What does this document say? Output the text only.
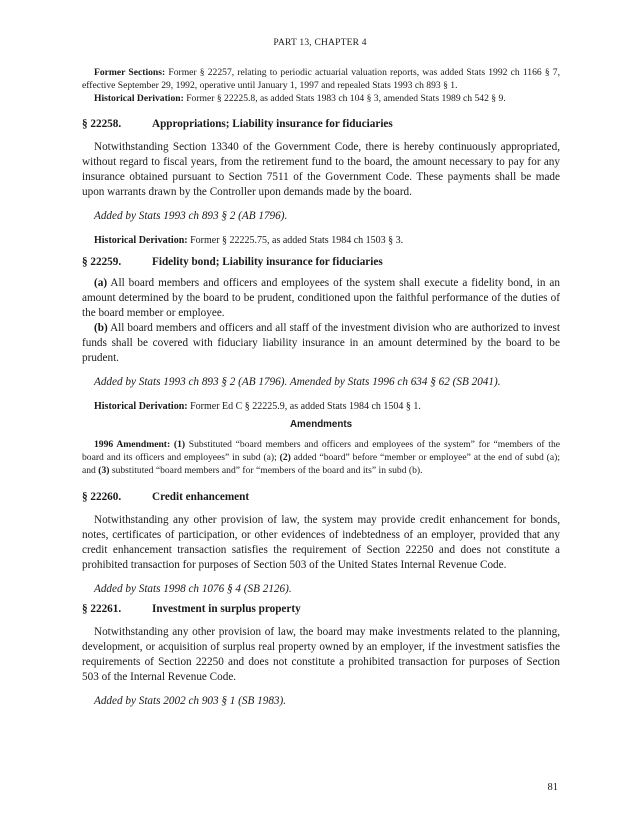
PART 13, CHAPTER 4

Former Sections: Former § 22257, relating to periodic actuarial valuation reports, was added Stats 1992 ch 1166 § 7, effective September 29, 1992, operative until January 1, 1997 and repealed Stats 1993 ch 893 § 1.

Historical Derivation: Former § 22225.8, as added Stats 1983 ch 104 § 3, amended Stats 1989 ch 542 § 9.

§ 22258.	Appropriations; Liability insurance for fiduciaries

Notwithstanding Section 13340 of the Government Code, there is hereby continuously appropriated, without regard to fiscal years, from the retirement fund to the board, the amount necessary to pay for any insurance obtained pursuant to Section 7511 of the Government Code. These payments shall be made upon warrants drawn by the Controller upon demands made by the board.

Added by Stats 1993 ch 893 § 2 (AB 1796).

Historical Derivation: Former § 22225.75, as added Stats 1984 ch 1503 § 3.

§ 22259.	Fidelity bond; Liability insurance for fiduciaries

(a) All board members and officers and employees of the system shall execute a fidelity bond, in an amount determined by the board to be prudent, conditioned upon the faithful performance of the duties of the board member or employee.

(b) All board members and officers and all staff of the investment division who are authorized to invest funds shall be covered with fiduciary liability insurance in an amount determined by the board to be prudent.

Added by Stats 1993 ch 893 § 2 (AB 1796). Amended by Stats 1996 ch 634 § 62 (SB 2041).

Historical Derivation: Former Ed C § 22225.9, as added Stats 1984 ch 1504 § 1.

Amendments

1996 Amendment: (1) Substituted “board members and officers and employees of the system” for “members of the board and its officers and employees” in subd (a); (2) added “board” before “member or employee” at the end of subd (a); and (3) substituted “board members and” for “members of the board and its” in subd (b).

§ 22260.	Credit enhancement

Notwithstanding any other provision of law, the system may provide credit enhancement for bonds, notes, certificates of participation, or other evidences of indebtedness of an employer, provided that any credit enhancement transaction satisfies the requirement of Section 22250 and does not constitute a prohibited transaction for purposes of Section 503 of the United States Internal Revenue Code.

Added by Stats 1998 ch 1076 § 4 (SB 2126).

§ 22261.	Investment in surplus property

Notwithstanding any other provision of law, the board may make investments related to the planning, development, or acquisition of surplus real property owned by an employer, if the investment satisfies the requirements of Section 22250 and does not constitute a prohibited transaction for purposes of Section 503 of the Internal Revenue Code.

Added by Stats 2002 ch 903 § 1 (SB 1983).

81
